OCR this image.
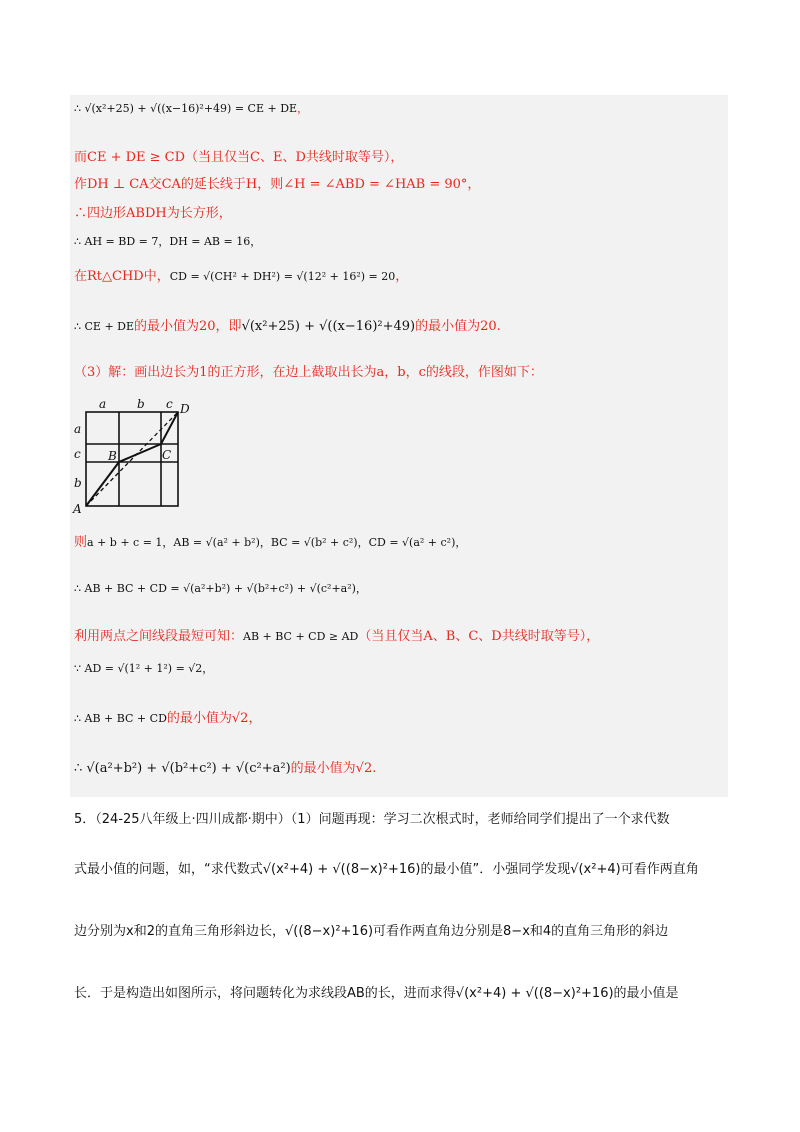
∴ √(x²+25) + √((x−16)²+49) = CE + DE，
而CE + DE ≥ CD（当且仅当C、E、D共线时取等号），
作DH ⊥ CA交CA的延长线于H，则∠H = ∠ABD = ∠HAB = 90°，
∴四边形ABDH为长方形，
∴ AH = BD = 7，DH = AB = 16，
在Rt△CHD中，CD = √(CH² + DH²) = √(12² + 16²) = 20，
∴ CE + DE的最小值为20，即√(x²+25) + √((x−16)²+49)的最小值为20.
（3）解：画出边长为1的正方形，在边上截取出长为a，b，c的线段，作图如下：
a	b c
a
c
b
A
B	C
D
则a + b + c = 1，AB = √(a² + b²)，BC = √(b² + c²)，CD = √(a² + c²)，
∴ AB + BC + CD = √(a²+b²) + √(b²+c²) + √(c²+a²)，
利用两点之间线段最短可知：AB + BC + CD ≥ AD（当且仅当A、B、C、D共线时取等号），
∵ AD = √(1² + 1²) = √2，
∴ AB + BC + CD的最小值为√2，
∴ √(a²+b²) + √(b²+c²) + √(c²+a²)的最小值为√2.
5．（24-25八年级上·四川成都·期中）（1）问题再现：学习二次根式时，老师给同学们提出了一个求代数
式最小值的问题，如，“求代数式√(x²+4) + √((8−x)²+16)的最小值”．小强同学发现√(x²+4)可看作两直角
边分别为x和2的直角三角形斜边长，√((8−x)²+16)可看作两直角边分别是8−x和4的直角三角形的斜边
长．于是构造出如图所示，将问题转化为求线段AB的长，进而求得√(x²+4) + √((8−x)²+16)的最小值是
